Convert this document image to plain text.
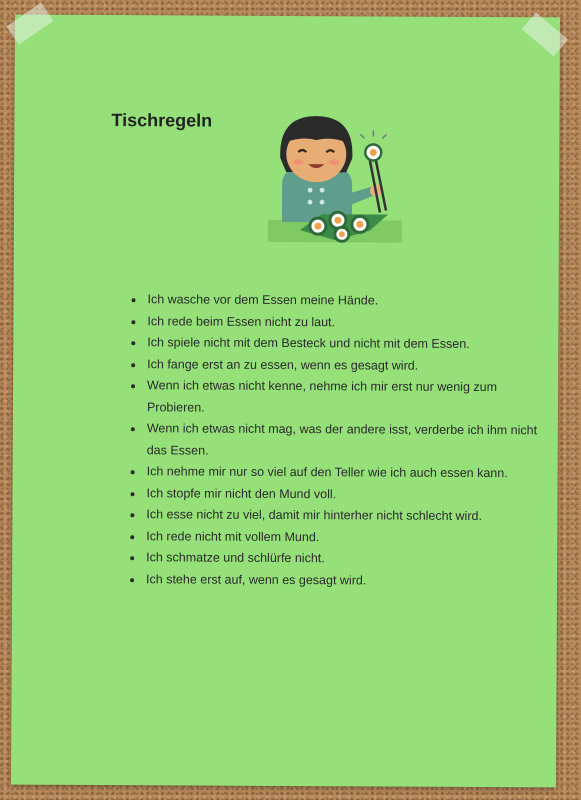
Tischregeln
• Ich wasche vor dem Essen meine Hände.
• Ich rede beim Essen nicht zu laut.
• Ich spiele nicht mit dem Besteck und nicht mit dem Essen.
• Ich fange erst an zu essen, wenn es gesagt wird.
• Wenn ich etwas nicht kenne, nehme ich mir erst nur wenig zum Probieren.
• Wenn ich etwas nicht mag, was der andere isst, verderbe ich ihm nicht das Essen.
• Ich nehme mir nur so viel auf den Teller wie ich auch essen kann.
• Ich stopfe mir nicht den Mund voll.
• Ich esse nicht zu viel, damit mir hinterher nicht schlecht wird.
• Ich rede nicht mit vollem Mund.
• Ich schmatze und schlürfe nicht.
• Ich stehe erst auf, wenn es gesagt wird.
